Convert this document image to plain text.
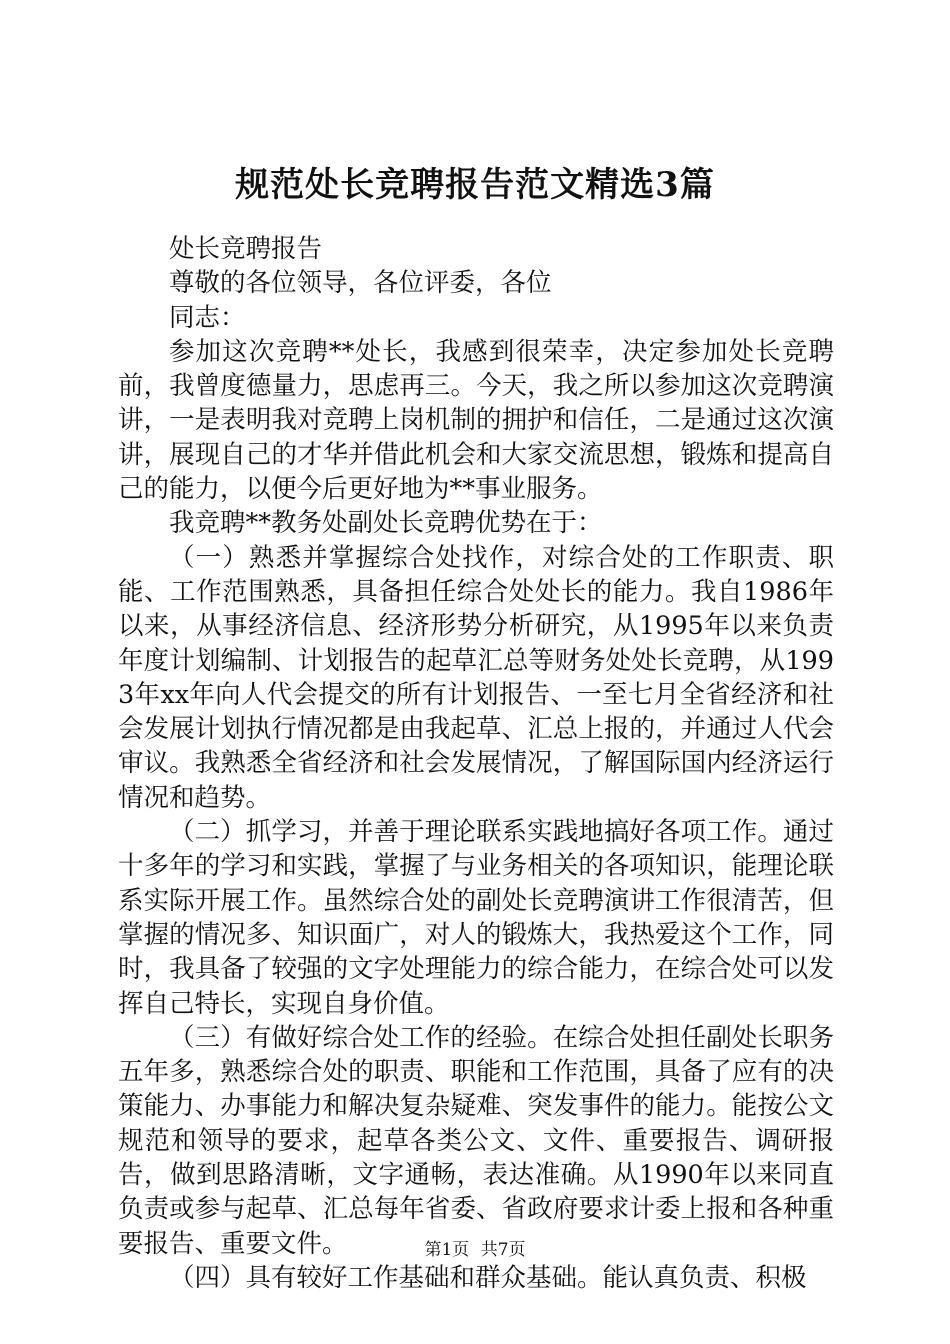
规范处长竞聘报告范文精选3篇

处长竞聘报告

尊敬的各位领导，各位评委，各位

同志：

参加这次竞聘**处长，我感到很荣幸，决定参加处长竞聘前，我曾度德量力，思虑再三。今天，我之所以参加这次竞聘演讲，一是表明我对竞聘上岗机制的拥护和信任，二是通过这次演讲，展现自己的才华并借此机会和大家交流思想，锻炼和提高自己的能力，以便今后更好地为**事业服务。

我竞聘**教务处副处长竞聘优势在于：

（一）熟悉并掌握综合处找作，对综合处的工作职责、职能、工作范围熟悉，具备担任综合处处长的能力。我自1986年以来，从事经济信息、经济形势分析研究，从1995年以来负责年度计划编制、计划报告的起草汇总等财务处处长竞聘，从1993年xx年向人代会提交的所有计划报告、一至七月全省经济和社会发展计划执行情况都是由我起草、汇总上报的，并通过人代会审议。我熟悉全省经济和社会发展情况，了解国际国内经济运行情况和趋势。

（二）抓学习，并善于理论联系实践地搞好各项工作。通过十多年的学习和实践，掌握了与业务相关的各项知识，能理论联系实际开展工作。虽然综合处的副处长竞聘演讲工作很清苦，但掌握的情况多、知识面广，对人的锻炼大，我热爱这个工作，同时，我具备了较强的文字处理能力的综合能力，在综合处可以发挥自己特长，实现自身价值。

（三）有做好综合处工作的经验。在综合处担任副处长职务五年多，熟悉综合处的职责、职能和工作范围，具备了应有的决策能力、办事能力和解决复杂疑难、突发事件的能力。能按公文规范和领导的要求，起草各类公文、文件、重要报告、调研报告，做到思路清晰，文字通畅，表达准确。从1990年以来同直负责或参与起草、汇总每年省委、省政府要求计委上报和各种重要报告、重要文件。

（四）具有较好工作基础和群众基础。能认真负责、积极

第1页 共7页
